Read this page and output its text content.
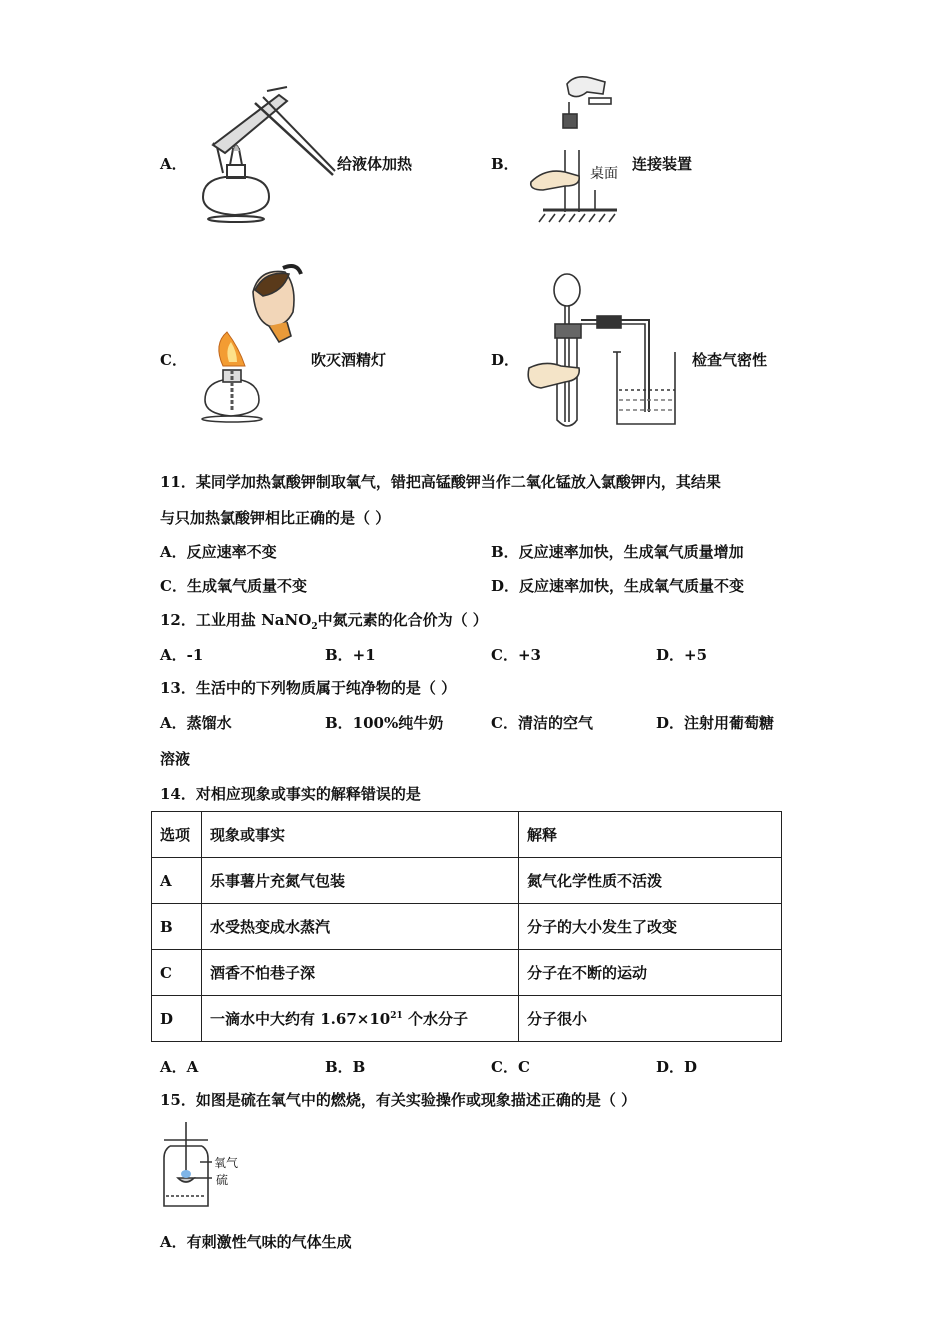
A．	给液体加热	B．
桌面
连接装置
C．	吹灭酒精灯	D．	检查气密性
11．某同学加热氯酸钾制取氧气，错把高锰酸钾当作二氧化锰放入氯酸钾内，其结果
与只加热氯酸钾相比正确的是（ ）
A．反应速率不变	B．反应速率加快，生成氧气质量增加
C．生成氧气质量不变	D．反应速率加快，生成氧气质量不变
12．工业用盐 NaNO$_2$中氮元素的化合价为（ ）
A．-1	B．+1	C．+3	D．+5
13．生活中的下列物质属于纯净物的是（ ）
A．蒸馏水	B．100%纯牛奶	C．清洁的空气	D．注射用葡萄糖
溶液
14．对相应现象或事实的解释错误的是
选项	现象或事实	解释
A	乐事薯片充氮气包装	氮气化学性质不活泼
B	水受热变成水蒸汽	分子的大小发生了改变
C	酒香不怕巷子深	分子在不断的运动
D	一滴水中大约有 $1.67\times 10^{21}$ 个水分子	分子很小
A．A	B．B	C．C	D．D
15．如图是硫在氧气中的燃烧，有关实验操作或现象描述正确的是（ ）
氧气
硫
A．有刺激性气味的气体生成
